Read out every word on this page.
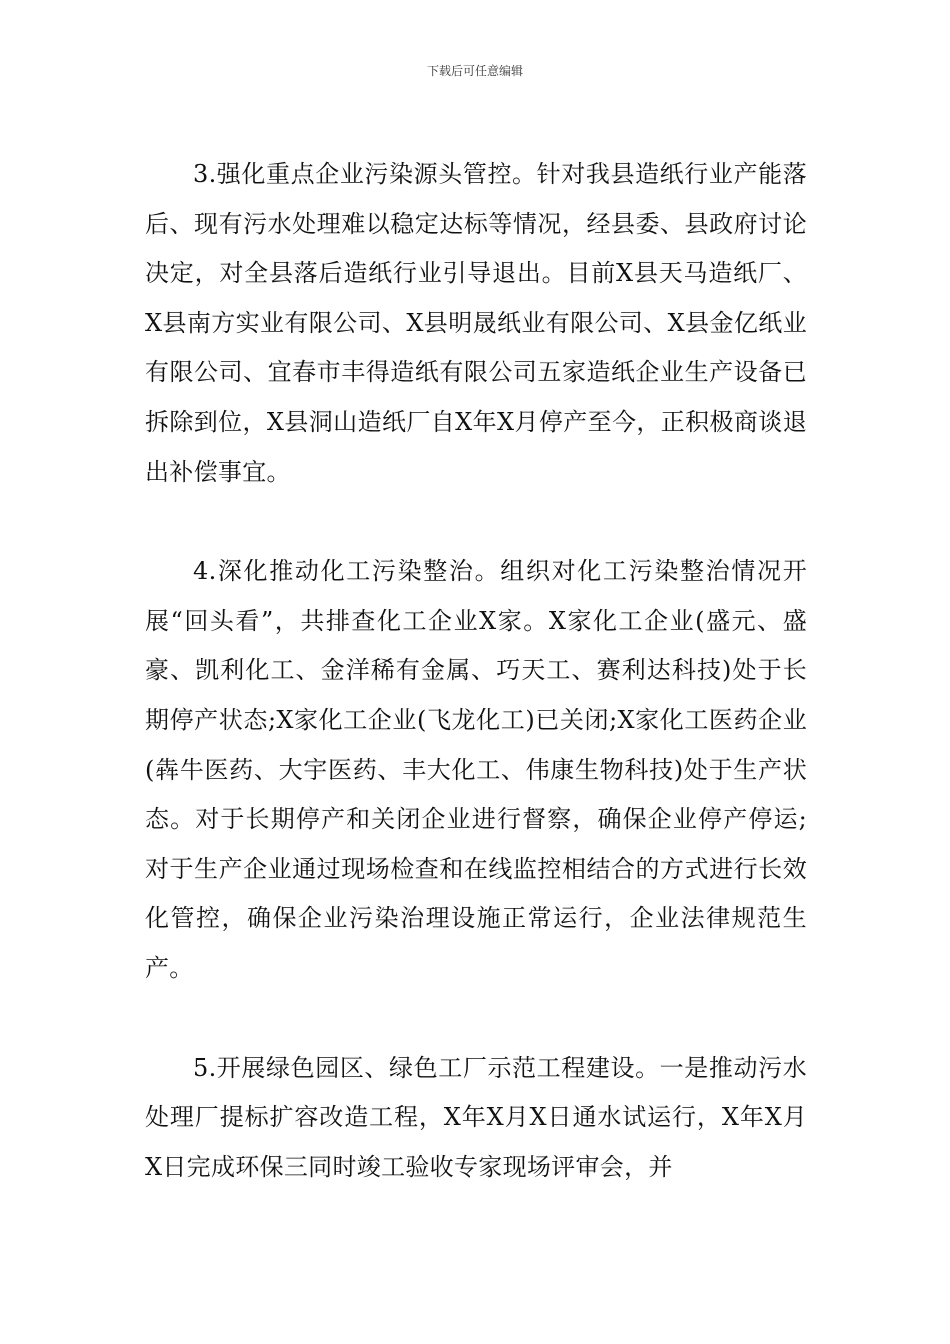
下载后可任意编辑

3.强化重点企业污染源头管控。针对我县造纸行业产能落后、现有污水处理难以稳定达标等情况，经县委、县政府讨论决定，对全县落后造纸行业引导退出。目前X县天马造纸厂、X县南方实业有限公司、X县明晟纸业有限公司、X县金亿纸业有限公司、宜春市丰得造纸有限公司五家造纸企业生产设备已拆除到位，X县洞山造纸厂自X年X月停产至今，正积极商谈退出补偿事宜。

4.深化推动化工污染整治。组织对化工污染整治情况开展“回头看”，共排查化工企业X家。X家化工企业(盛元、盛豪、凯利化工、金洋稀有金属、巧天工、赛利达科技)处于长期停产状态;X家化工企业(飞龙化工)已关闭;X家化工医药企业(犇牛医药、大宇医药、丰大化工、伟康生物科技)处于生产状态。对于长期停产和关闭企业进行督察，确保企业停产停运;对于生产企业通过现场检查和在线监控相结合的方式进行长效化管控，确保企业污染治理设施正常运行，企业法律规范生产。

5.开展绿色园区、绿色工厂示范工程建设。一是推动污水处理厂提标扩容改造工程，X年X月X日通水试运行，X年X月X日完成环保三同时竣工验收专家现场评审会，并
